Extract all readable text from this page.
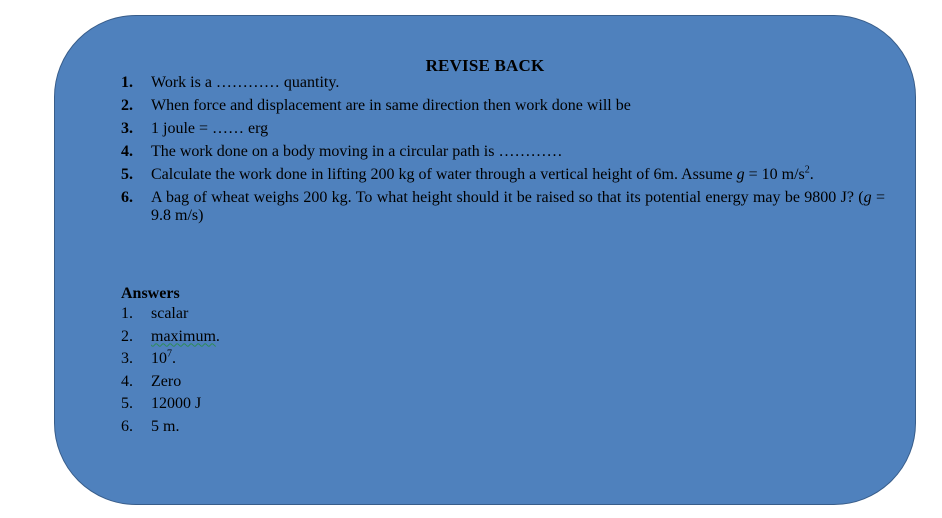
REVISE BACK
1. Work is a ………… quantity.
2. When force and displacement are in same direction then work done will be
3. 1 joule = …… erg
4. The work done on a body moving in a circular path is …………
5. Calculate the work done in lifting 200 kg of water through a vertical height of 6m. Assume g = 10 $m/s^2$.
6. A bag of wheat weighs 200 kg. To what height should it be raised so that its potential energy may be 9800 J? (g = 9.8 m/s)
Answers
1. scalar
2. maximum.
3. $10^7$.
4. Zero
5. 12000 J
6. 5 m.
